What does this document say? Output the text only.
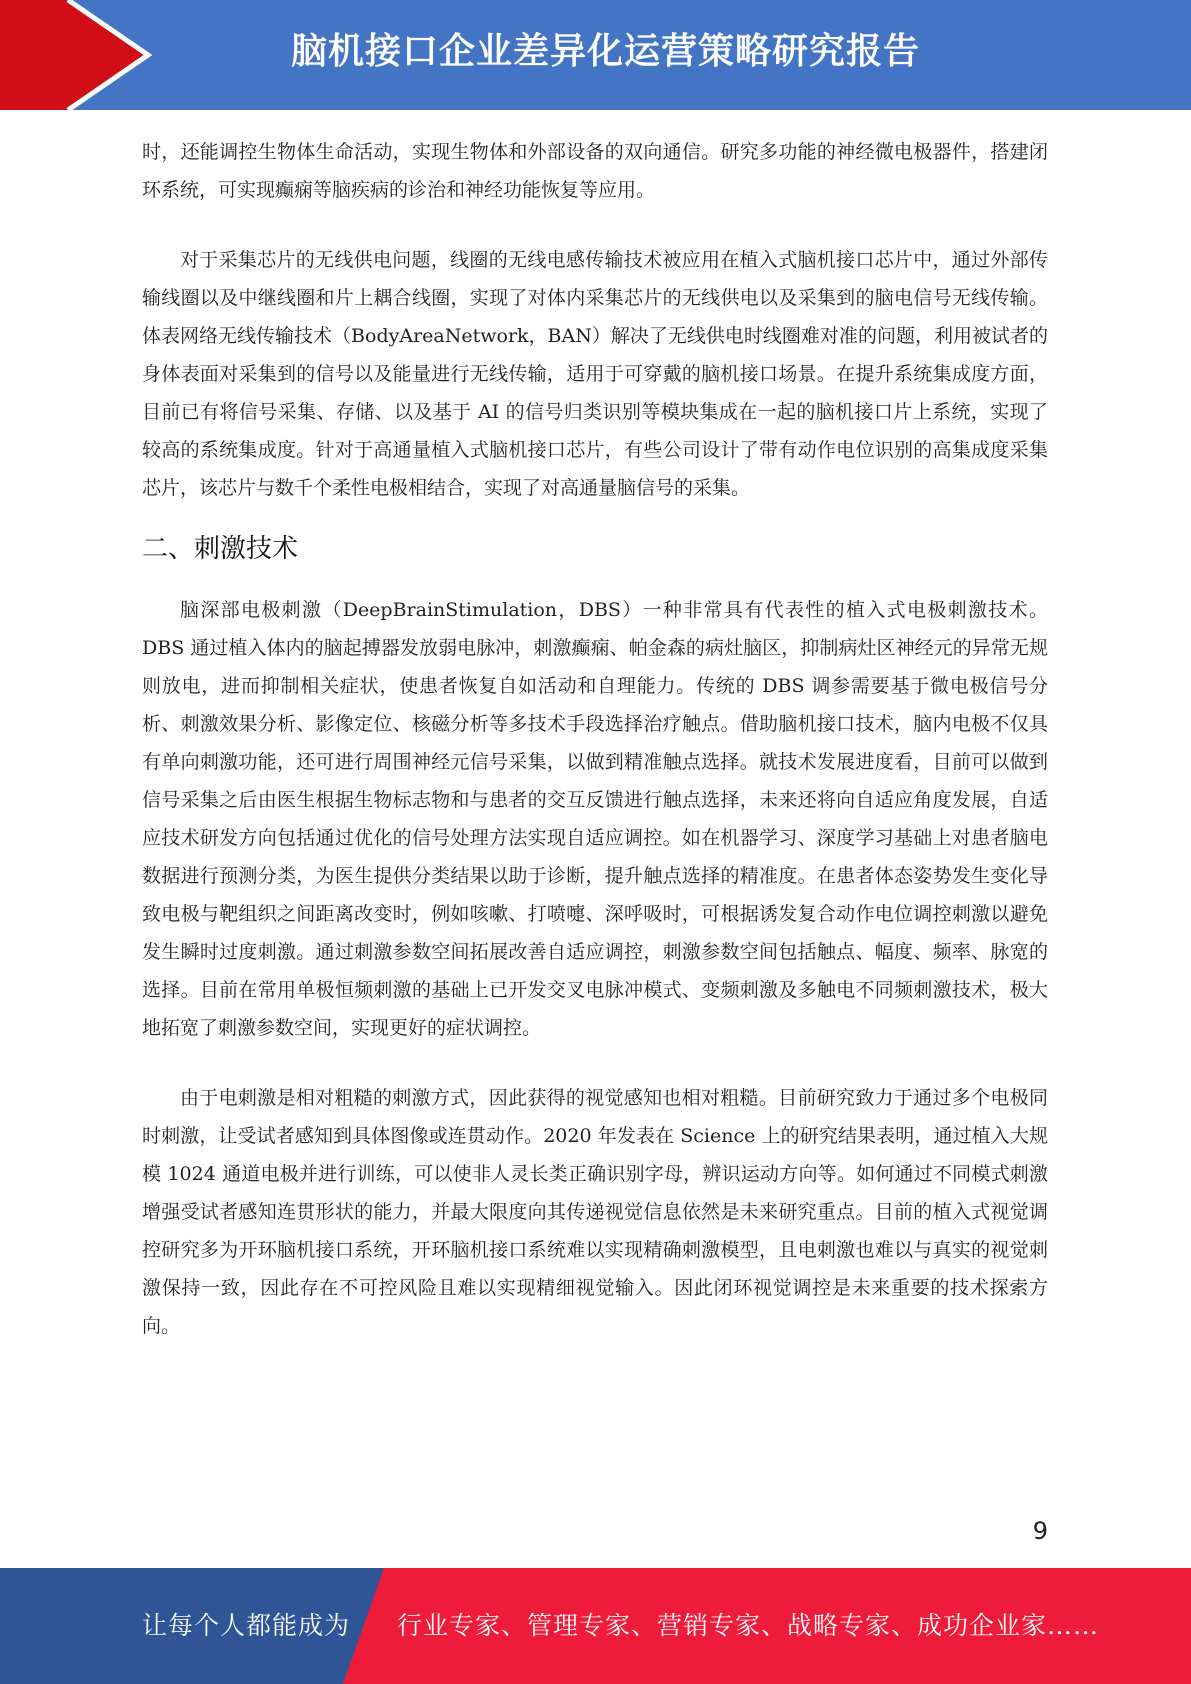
脑机接口企业差异化运营策略研究报告

时，还能调控生物体生命活动，实现生物体和外部设备的双向通信。研究多功能的神经微电极器件，搭建闭环系统，可实现癫痫等脑疾病的诊治和神经功能恢复等应用。

对于采集芯片的无线供电问题，线圈的无线电感传输技术被应用在植入式脑机接口芯片中，通过外部传输线圈以及中继线圈和片上耦合线圈，实现了对体内采集芯片的无线供电以及采集到的脑电信号无线传输。体表网络无线传输技术（BodyAreaNetwork，BAN）解决了无线供电时线圈难对准的问题，利用被试者的身体表面对采集到的信号以及能量进行无线传输，适用于可穿戴的脑机接口场景。在提升系统集成度方面，目前已有将信号采集、存储、以及基于 AI 的信号归类识别等模块集成在一起的脑机接口片上系统，实现了较高的系统集成度。针对于高通量植入式脑机接口芯片，有些公司设计了带有动作电位识别的高集成度采集芯片，该芯片与数千个柔性电极相结合，实现了对高通量脑信号的采集。

二、刺激技术

脑深部电极刺激（DeepBrainStimulation，DBS）一种非常具有代表性的植入式电极刺激技术。DBS 通过植入体内的脑起搏器发放弱电脉冲，刺激癫痫、帕金森的病灶脑区，抑制病灶区神经元的异常无规则放电，进而抑制相关症状，使患者恢复自如活动和自理能力。传统的 DBS 调参需要基于微电极信号分析、刺激效果分析、影像定位、核磁分析等多技术手段选择治疗触点。借助脑机接口技术，脑内电极不仅具有单向刺激功能，还可进行周围神经元信号采集，以做到精准触点选择。就技术发展进度看，目前可以做到信号采集之后由医生根据生物标志物和与患者的交互反馈进行触点选择，未来还将向自适应角度发展，自适应技术研发方向包括通过优化的信号处理方法实现自适应调控。如在机器学习、深度学习基础上对患者脑电数据进行预测分类，为医生提供分类结果以助于诊断，提升触点选择的精准度。在患者体态姿势发生变化导致电极与靶组织之间距离改变时，例如咳嗽、打喷嚏、深呼吸时，可根据诱发复合动作电位调控刺激以避免发生瞬时过度刺激。通过刺激参数空间拓展改善自适应调控，刺激参数空间包括触点、幅度、频率、脉宽的选择。目前在常用单极恒频刺激的基础上已开发交叉电脉冲模式、变频刺激及多触电不同频刺激技术，极大地拓宽了刺激参数空间，实现更好的症状调控。

由于电刺激是相对粗糙的刺激方式，因此获得的视觉感知也相对粗糙。目前研究致力于通过多个电极同时刺激，让受试者感知到具体图像或连贯动作。2020 年发表在 Science 上的研究结果表明，通过植入大规模 1024 通道电极并进行训练，可以使非人灵长类正确识别字母，辨识运动方向等。如何通过不同模式刺激增强受试者感知连贯形状的能力，并最大限度向其传递视觉信息依然是未来研究重点。目前的植入式视觉调控研究多为开环脑机接口系统，开环脑机接口系统难以实现精确刺激模型，且电刺激也难以与真实的视觉刺激保持一致，因此存在不可控风险且难以实现精细视觉输入。因此闭环视觉调控是未来重要的技术探索方向。

9
让每个人都能成为 行业专家、管理专家、营销专家、战略专家、成功企业家……
